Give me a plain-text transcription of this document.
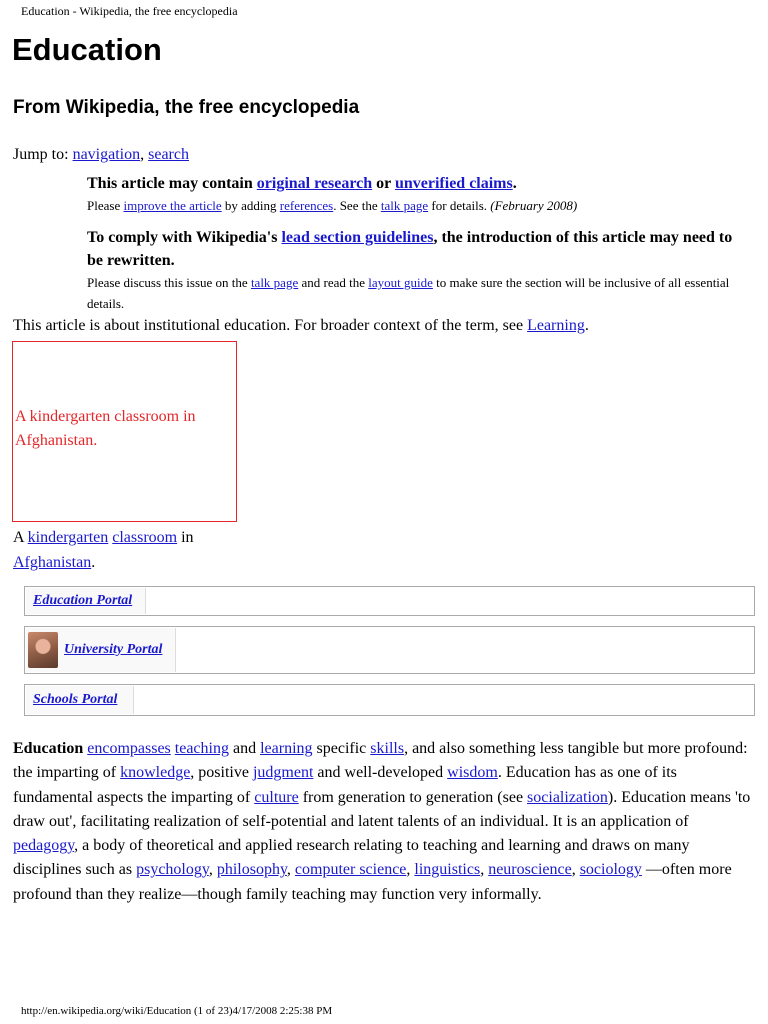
Education - Wikipedia, the free encyclopedia
Education
From Wikipedia, the free encyclopedia
Jump to: navigation, search
This article may contain original research or unverified claims.
Please improve the article by adding references. See the talk page for details. (February 2008)
To comply with Wikipedia's lead section guidelines, the introduction of this article may need to be rewritten.
Please discuss this issue on the talk page and read the layout guide to make sure the section will be inclusive of all essential details.
This article is about institutional education. For broader context of the term, see Learning.
A kindergarten classroom in Afghanistan.
A kindergarten classroom in Afghanistan.
Education Portal
University Portal
Schools Portal
Education encompasses teaching and learning specific skills, and also something less tangible but more profound: the imparting of knowledge, positive judgment and well-developed wisdom. Education has as one of its fundamental aspects the imparting of culture from generation to generation (see socialization). Education means 'to draw out', facilitating realization of self-potential and latent talents of an individual. It is an application of pedagogy, a body of theoretical and applied research relating to teaching and learning and draws on many disciplines such as psychology, philosophy, computer science, linguistics, neuroscience, sociology —often more profound than they realize—though family teaching may function very informally.
http://en.wikipedia.org/wiki/Education (1 of 23)4/17/2008 2:25:38 PM
